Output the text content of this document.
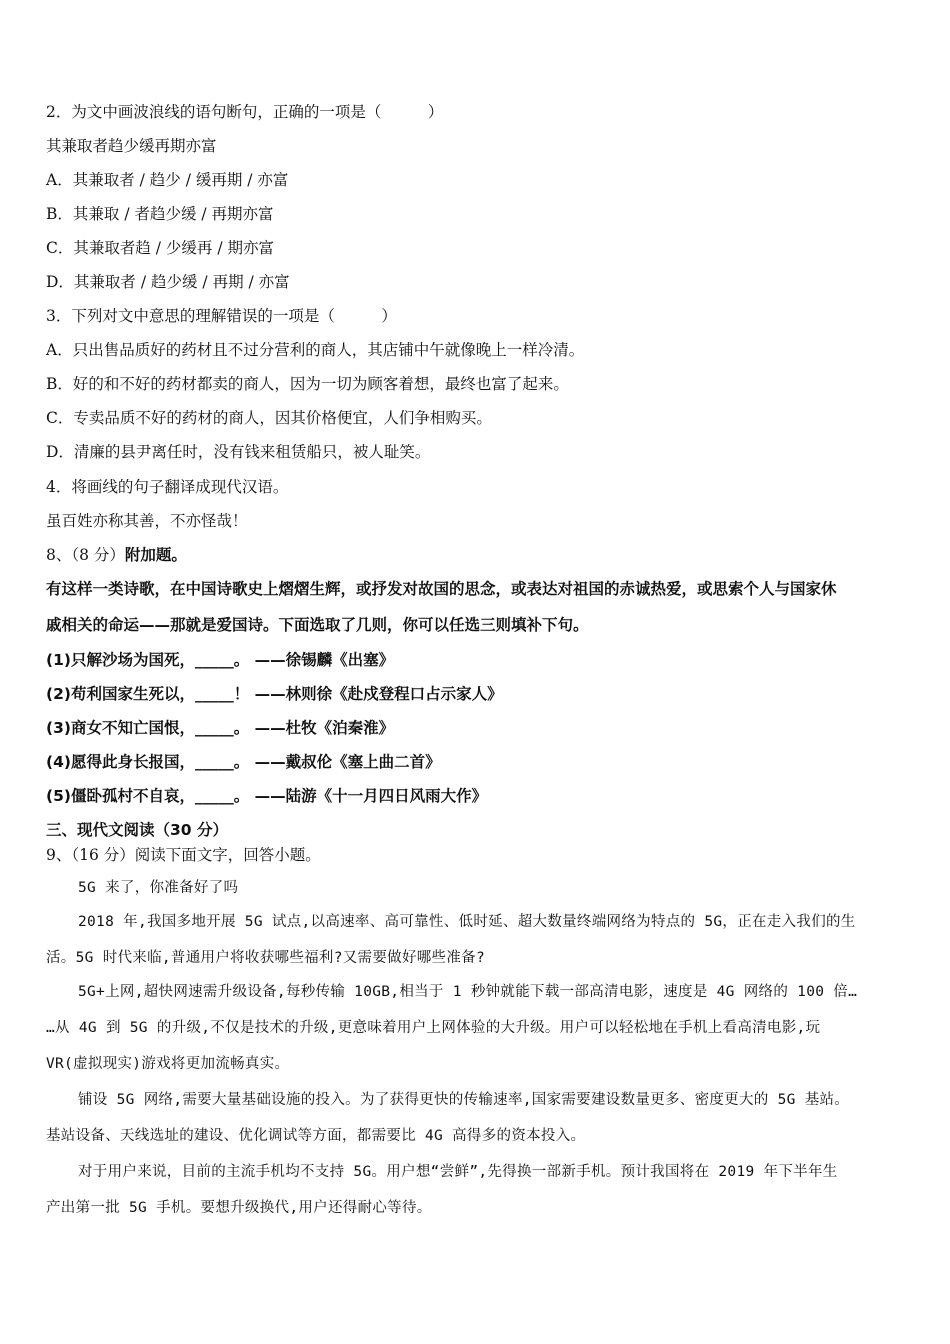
2．为文中画波浪线的语句断句，正确的一项是（　　　）
其兼取者趋少缓再期亦富
A．其兼取者 / 趋少 / 缓再期 / 亦富
B．其兼取 / 者趋少缓 / 再期亦富
C．其兼取者趋 / 少缓再 / 期亦富
D．其兼取者 / 趋少缓 / 再期 / 亦富
3．下列对文中意思的理解错误的一项是（　　　）
A．只出售品质好的药材且不过分营利的商人，其店铺中午就像晚上一样冷清。
B．好的和不好的药材都卖的商人，因为一切为顾客着想，最终也富了起来。
C．专卖品质不好的药材的商人，因其价格便宜，人们争相购买。
D．清廉的县尹离任时，没有钱来租赁船只，被人耻笑。
4．将画线的句子翻译成现代汉语。
虽百姓亦称其善，不亦怪哉！
8、（8 分）附加题。
有这样一类诗歌，在中国诗歌史上熠熠生辉，或抒发对故国的思念，或表达对祖国的赤诚热爱，或思索个人与国家休
戚相关的命运——那就是爱国诗。下面选取了几则，你可以任选三则填补下句。
(1)只解沙场为国死，_____。 ——徐锡麟《出塞》
(2)苟利国家生死以，_____！ ——林则徐《赴戍登程口占示家人》
(3)商女不知亡国恨，_____。 ——杜牧《泊秦淮》
(4)愿得此身长报国，_____。 ——戴叔伦《塞上曲二首》
(5)僵卧孤村不自哀，_____。 ——陆游《十一月四日风雨大作》
三、现代文阅读（30 分）
9、（16 分）阅读下面文字，回答小题。
5G 来了，你准备好了吗
2018 年,我国多地开展 5G 试点,以高速率、高可靠性、低时延、超大数量终端网络为特点的 5G，正在走入我们的生
活。5G 时代来临,普通用户将收获哪些福利?又需要做好哪些准备?
5G+上网,超快网速需升级设备,每秒传输 10GB,相当于 1 秒钟就能下载一部高清电影，速度是 4G 网络的 100 倍…
…从 4G 到 5G 的升级,不仅是技术的升级,更意味着用户上网体验的大升级。用户可以轻松地在手机上看高清电影,玩
VR(虚拟现实)游戏将更加流畅真实。
铺设 5G 网络,需要大量基础设施的投入。为了获得更快的传输速率,国家需要建设数量更多、密度更大的 5G 基站。
基站设备、天线选址的建设、优化调试等方面，都需要比 4G 高得多的资本投入。
对于用户来说，目前的主流手机均不支持 5G。用户想“尝鲜”,先得换一部新手机。预计我国将在 2019 年下半年生
产出第一批 5G 手机。要想升级换代,用户还得耐心等待。
